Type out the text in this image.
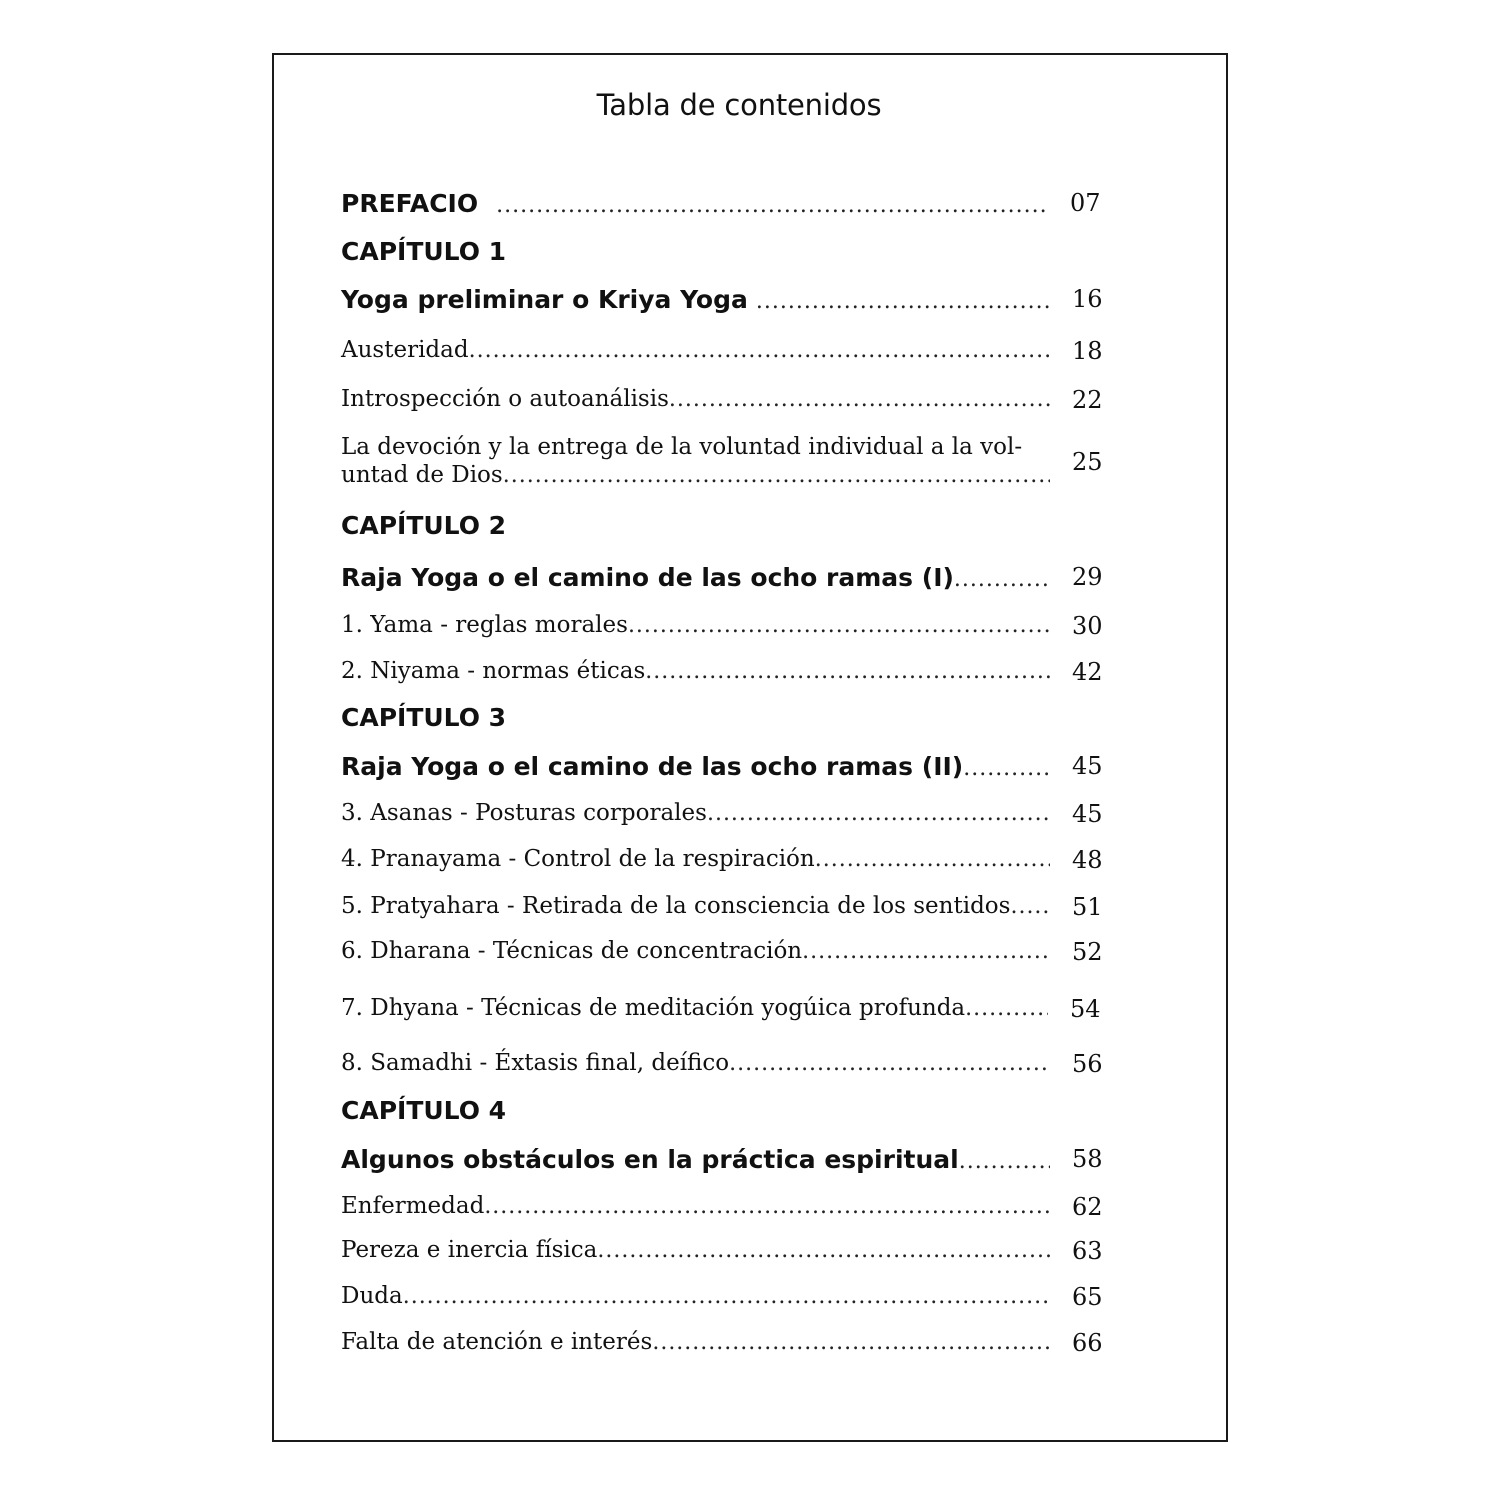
Tabla de contenidos
PREFACIO .....	07
CAPÍTULO 1
Yoga preliminar o Kriya Yoga .....	16
Austeridad .....	18
Introspección o autoanálisis .....	22
La devoción y la entrega de la voluntad individual a la vol-
untad de Dios .....	25
CAPÍTULO 2
Raja Yoga o el camino de las ocho ramas (I) .....	29
1. Yama - reglas morales .....	30
2. Niyama - normas éticas .....	42
CAPÍTULO 3
Raja Yoga o el camino de las ocho ramas (II) .....	45
3. Asanas - Posturas corporales .....	45
4. Pranayama - Control de la respiración .....	48
5. Pratyahara - Retirada de la consciencia de los sentidos .....	51
6. Dharana - Técnicas de concentración .....	52
7. Dhyana - Técnicas de meditación yogúica profunda .....	54
8. Samadhi - Éxtasis final, deífico .....	56
CAPÍTULO 4
Algunos obstáculos en la práctica espiritual .....	58
Enfermedad .....	62
Pereza e inercia física .....	63
Duda .....	65
Falta de atención e interés .....	66
